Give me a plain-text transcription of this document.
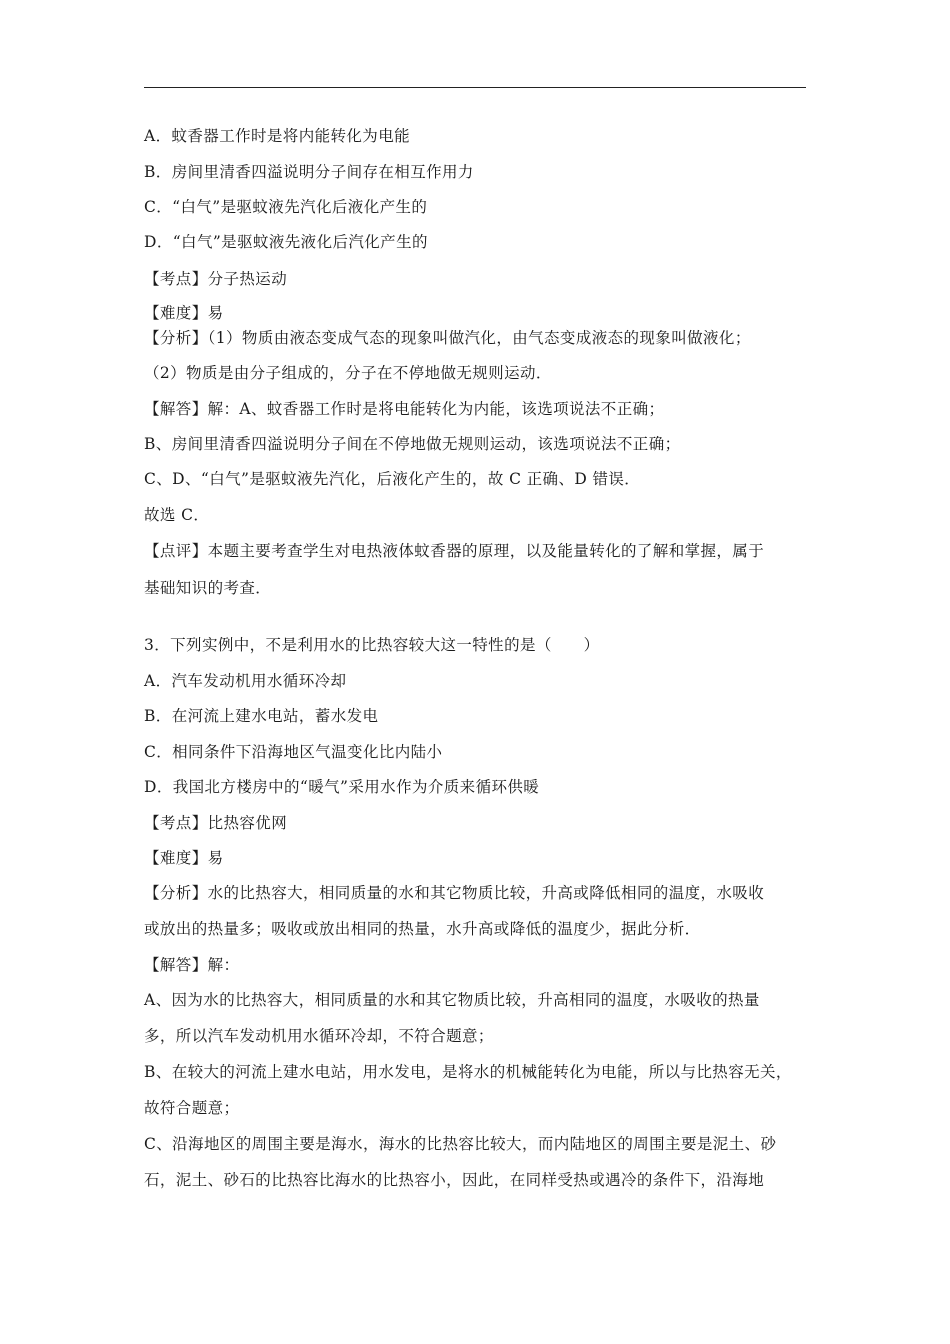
A．蚊香器工作时是将内能转化为电能
B．房间里清香四溢说明分子间存在相互作用力
C．“白气”是驱蚊液先汽化后液化产生的
D．“白气”是驱蚊液先液化后汽化产生的
【考点】分子热运动
【难度】易
【分析】（1）物质由液态变成气态的现象叫做汽化，由气态变成液态的现象叫做液化；
（2）物质是由分子组成的，分子在不停地做无规则运动．
【解答】解：A、蚊香器工作时是将电能转化为内能，该选项说法不正确；
B、房间里清香四溢说明分子间在不停地做无规则运动，该选项说法不正确；
C、D、“白气”是驱蚊液先汽化，后液化产生的，故 C 正确、D 错误．
故选 C．
【点评】本题主要考查学生对电热液体蚊香器的原理，以及能量转化的了解和掌握，属于
基础知识的考查．
3．下列实例中，不是利用水的比热容较大这一特性的是（　　）
A．汽车发动机用水循环冷却
B．在河流上建水电站，蓄水发电
C．相同条件下沿海地区气温变化比内陆小
D．我国北方楼房中的“暖气”采用水作为介质来循环供暖
【考点】比热容优网
【难度】易
【分析】水的比热容大，相同质量的水和其它物质比较，升高或降低相同的温度，水吸收
或放出的热量多；吸收或放出相同的热量，水升高或降低的温度少，据此分析．
【解答】解：
A、因为水的比热容大，相同质量的水和其它物质比较，升高相同的温度，水吸收的热量
多，所以汽车发动机用水循环冷却，不符合题意；
B、在较大的河流上建水电站，用水发电，是将水的机械能转化为电能，所以与比热容无关，
故符合题意；
C、沿海地区的周围主要是海水，海水的比热容比较大，而内陆地区的周围主要是泥土、砂
石，泥土、砂石的比热容比海水的比热容小，因此，在同样受热或遇冷的条件下，沿海地
